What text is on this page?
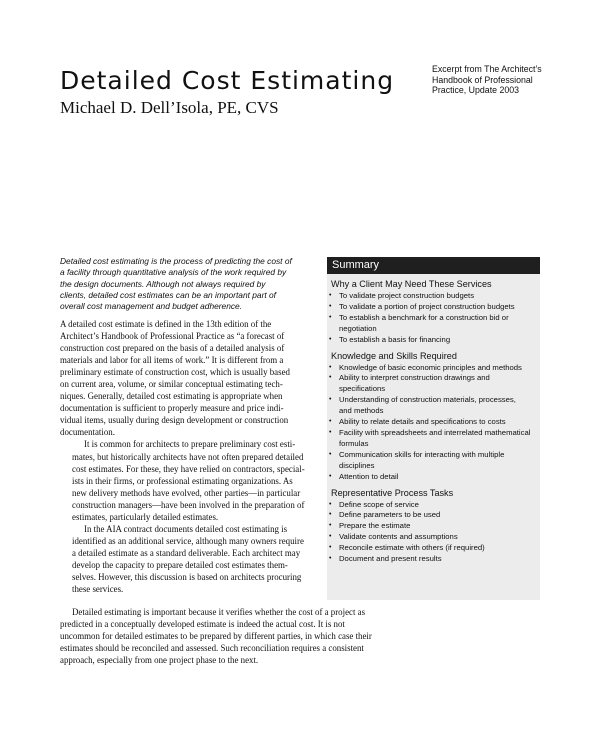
Detailed Cost Estimating

Michael D. Dell’Isola, PE, CVS

Excerpt from The Architect’s
Handbook of Professional
Practice, Update 2003
Detailed cost estimating is the process of predicting the cost of
a facility through quantitative analysis of the work required by
the design documents. Although not always required by
clients, detailed cost estimates can be an important part of
overall cost management and budget adherence.

A detailed cost estimate is defined in the 13th edition of the
Architect’s Handbook of Professional Practice as “a forecast of
construction cost prepared on the basis of a detailed analysis of
materials and labor for all items of work.” It is different from a
preliminary estimate of construction cost, which is usually based
on current area, volume, or similar conceptual estimating tech-
niques. Generally, detailed cost estimating is appropriate when
documentation is sufficient to properly measure and price indi-
vidual items, usually during design development or construction
documentation.

It is common for architects to prepare preliminary cost esti-
mates, but historically architects have not often prepared detailed
cost estimates. For these, they have relied on contractors, special-
ists in their firms, or professional estimating organizations. As
new delivery methods have evolved, other parties—in particular
construction managers—have been involved in the preparation of
estimates, particularly detailed estimates.

In the AIA contract documents detailed cost estimating is
identified as an additional service, although many owners require
a detailed estimate as a standard deliverable. Each architect may
develop the capacity to prepare detailed cost estimates them-
selves. However, this discussion is based on architects procuring
these services.

Detailed estimating is important because it verifies whether the cost of a project as
predicted in a conceptually developed estimate is indeed the actual cost. It is not
uncommon for detailed estimates to be prepared by different parties, in which case their
estimates should be reconciled and assessed. Such reconciliation requires a consistent
approach, especially from one project phase to the next.

Summary
Why a Client May Need These Services
• To validate project construction budgets
• To validate a portion of project construction budgets
• To establish a benchmark for a construction bid or
negotiation
• To establish a basis for financing
Knowledge and Skills Required
• Knowledge of basic economic principles and methods
• Ability to interpret construction drawings and
specifications
• Understanding of construction materials, processes,
and methods
• Ability to relate details and specifications to costs
• Facility with spreadsheets and interrelated mathematical
formulas
• Communication skills for interacting with multiple
disciplines
• Attention to detail
Representative Process Tasks
• Define scope of service
• Define parameters to be used
• Prepare the estimate
• Validate contents and assumptions
• Reconcile estimate with others (if required)
• Document and present results
